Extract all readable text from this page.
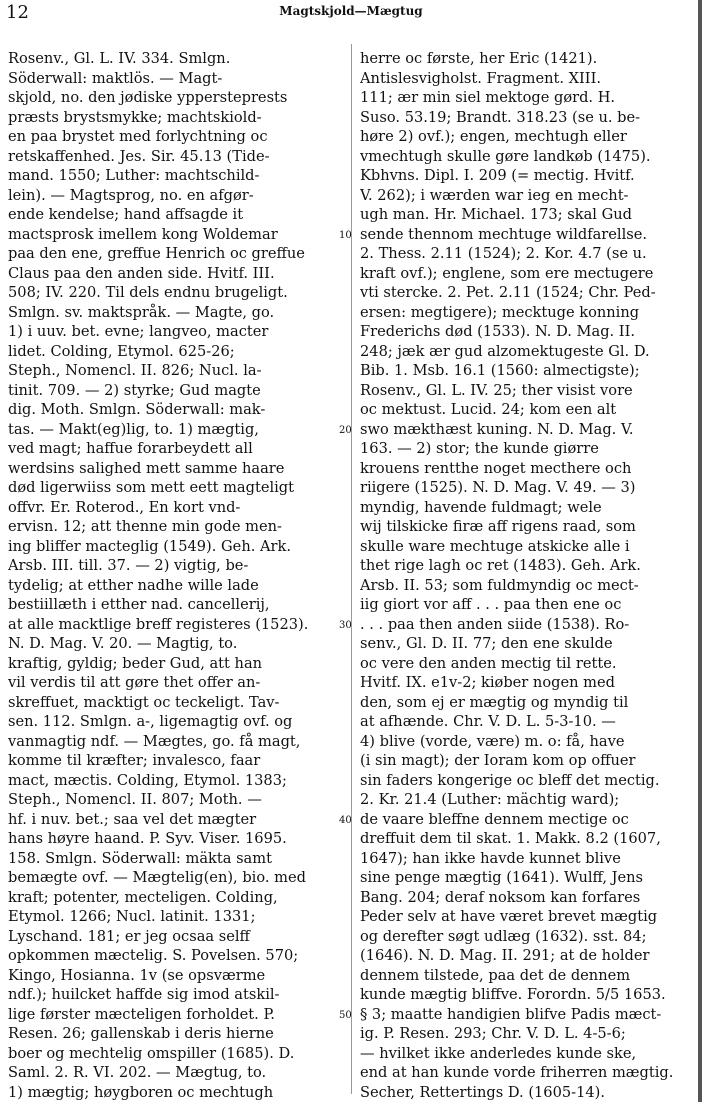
12	Magtskjold—Mægtug
Rosenv., Gl. L. IV. 334. Smlgn.
Söderwall: maktlös. — Magt-
skjold, no. den jødiske yppersteprests
præsts brystsmykke; machtskiold-
en paa brystet med forlychtning oc
retskaffenhed. Jes. Sir. 45.13 (Tide-
mand. 1550; Luther: machtschild-
lein). — Magtsprog, no. en afgør-
ende kendelse; hand affsagde it
mactsprosk imellem kong Woldemar
paa den ene, greffue Henrich oc greffue
Claus paa den anden side. Hvitf. III.
508; IV. 220. Til dels endnu brugeligt.
Smlgn. sv. maktspråk. — Magte, go.
1) i uuv. bet. evne; langveo, macter
lidet. Colding, Etymol. 625-26;
Steph., Nomencl. II. 826; Nucl. la-
tinit. 709. — 2) styrke; Gud magte
dig. Moth. Smlgn. Söderwall: mak-
tas. — Makt(eg)lig, to. 1) mægtig,
ved magt; haffue forarbeydett all
werdsins salighed mett samme haare
død ligerwiiss som mett eett magteligt
offvr. Er. Roterod., En kort vnd-
ervisn. 12; att thenne min gode men-
ing bliffer macteglig (1549). Geh. Ark.
Arsb. III. till. 37. — 2) vigtig, be-
tydelig; at etther nadhe wille lade
bestiillæth i etther nad. cancellerij,
at alle macktlige breff registeres (1523).
N. D. Mag. V. 20. — Magtig, to.
kraftig, gyldig; beder Gud, att han
vil verdis til att gøre thet offer an-
skreffuet, macktigt oc teckeligt. Tav-
sen. 112. Smlgn. a-, ligemagtig ovf. og
vanmagtig ndf. — Mægtes, go. få magt,
komme til kræfter; invalesco, faar
mact, mæctis. Colding, Etymol. 1383;
Steph., Nomencl. II. 807; Moth. —
hf. i nuv. bet.; saa vel det mægter
hans høyre haand. P. Syv. Viser. 1695.
158. Smlgn. Söderwall: mäkta samt
bemægte ovf. — Mægtelig(en), bio. med
kraft; potenter, mecteligen. Colding,
Etymol. 1266; Nucl. latinit. 1331;
Lyschand. 181; er jeg ocsaa selff
opkommen mæctelig. S. Povelsen. 570;
Kingo, Hosianna. 1v (se opsværme
ndf.); huilcket haffde sig imod atskil-
lige førster mæcteligen forholdet. P.
Resen. 26; gallenskab i deris hierne
boer og mechtelig omspiller (1685). D.
Saml. 2. R. VI. 202. — Mægtug, to.
1) mægtig; høygboren oc mechtugh
herre oc første, her Eric (1421).
Antislesvigholst. Fragment. XIII.
111; ær min siel mektoge gørd. H.
Suso. 53.19; Brandt. 318.23 (se u. be-
høre 2) ovf.); engen, mechtugh eller
vmechtugh skulle gøre landkøb (1475).
Kbhvns. Dipl. I. 209 (= mectig. Hvitf.
V. 262); i wærden war ieg en mecht-
ugh man. Hr. Michael. 173; skal Gud
sende thennom mechtuge wildfarellse.
2. Thess. 2.11 (1524); 2. Kor. 4.7 (se u.
kraft ovf.); englene, som ere mectugere
vti stercke. 2. Pet. 2.11 (1524; Chr. Ped-
ersen: megtigere); mecktuge konning
Frederichs død (1533). N. D. Mag. II.
248; jæk ær gud alzomektugeste Gl. D.
Bib. 1. Msb. 16.1 (1560: almectigste);
Rosenv., Gl. L. IV. 25; ther visist vore
oc mektust. Lucid. 24; kom een alt
swo mækthæst kuning. N. D. Mag. V.
163. — 2) stor; the kunde giørre
krouens rentthe noget mecthere och
riigere (1525). N. D. Mag. V. 49. — 3)
myndig, havende fuldmagt; wele
wij tilskicke firæ aff rigens raad, som
skulle ware mechtuge atskicke alle i
thet rige lagh oc ret (1483). Geh. Ark.
Arsb. II. 53; som fuldmyndig oc mect-
iig giort vor aff . . . paa then ene oc
. . . paa then anden siide (1538). Ro-
senv., Gl. D. II. 77; den ene skulde
oc vere den anden mectig til rette.
Hvitf. IX. e1v-2; kiøber nogen med
den, som ej er mægtig og myndig til
at afhænde. Chr. V. D. L. 5-3-10. —
4) blive (vorde, være) m. o: få, have
(i sin magt); der Ioram kom op offuer
sin faders kongerige oc bleff det mectig.
2. Kr. 21.4 (Luther: mächtig ward);
de vaare bleffne dennem mectige oc
dreffuit dem til skat. 1. Makk. 8.2 (1607,
1647); han ikke havde kunnet blive
sine penge mægtig (1641). Wulff, Jens
Bang. 204; deraf noksom kan forfares
Peder selv at have været brevet mægtig
og derefter søgt udlæg (1632). sst. 84;
(1646). N. D. Mag. II. 291; at de holder
dennem tilstede, paa det de dennem
kunde mægtig bliffve. Forordn. 5/5 1653.
§ 3; maatte handigien blifve Padis mæct-
ig. P. Resen. 293; Chr. V. D. L. 4-5-6;
— hvilket ikke anderledes kunde ske,
end at han kunde vorde friherren mægtig.
Secher, Rettertings D. (1605-14).
10
20
30
40
50
